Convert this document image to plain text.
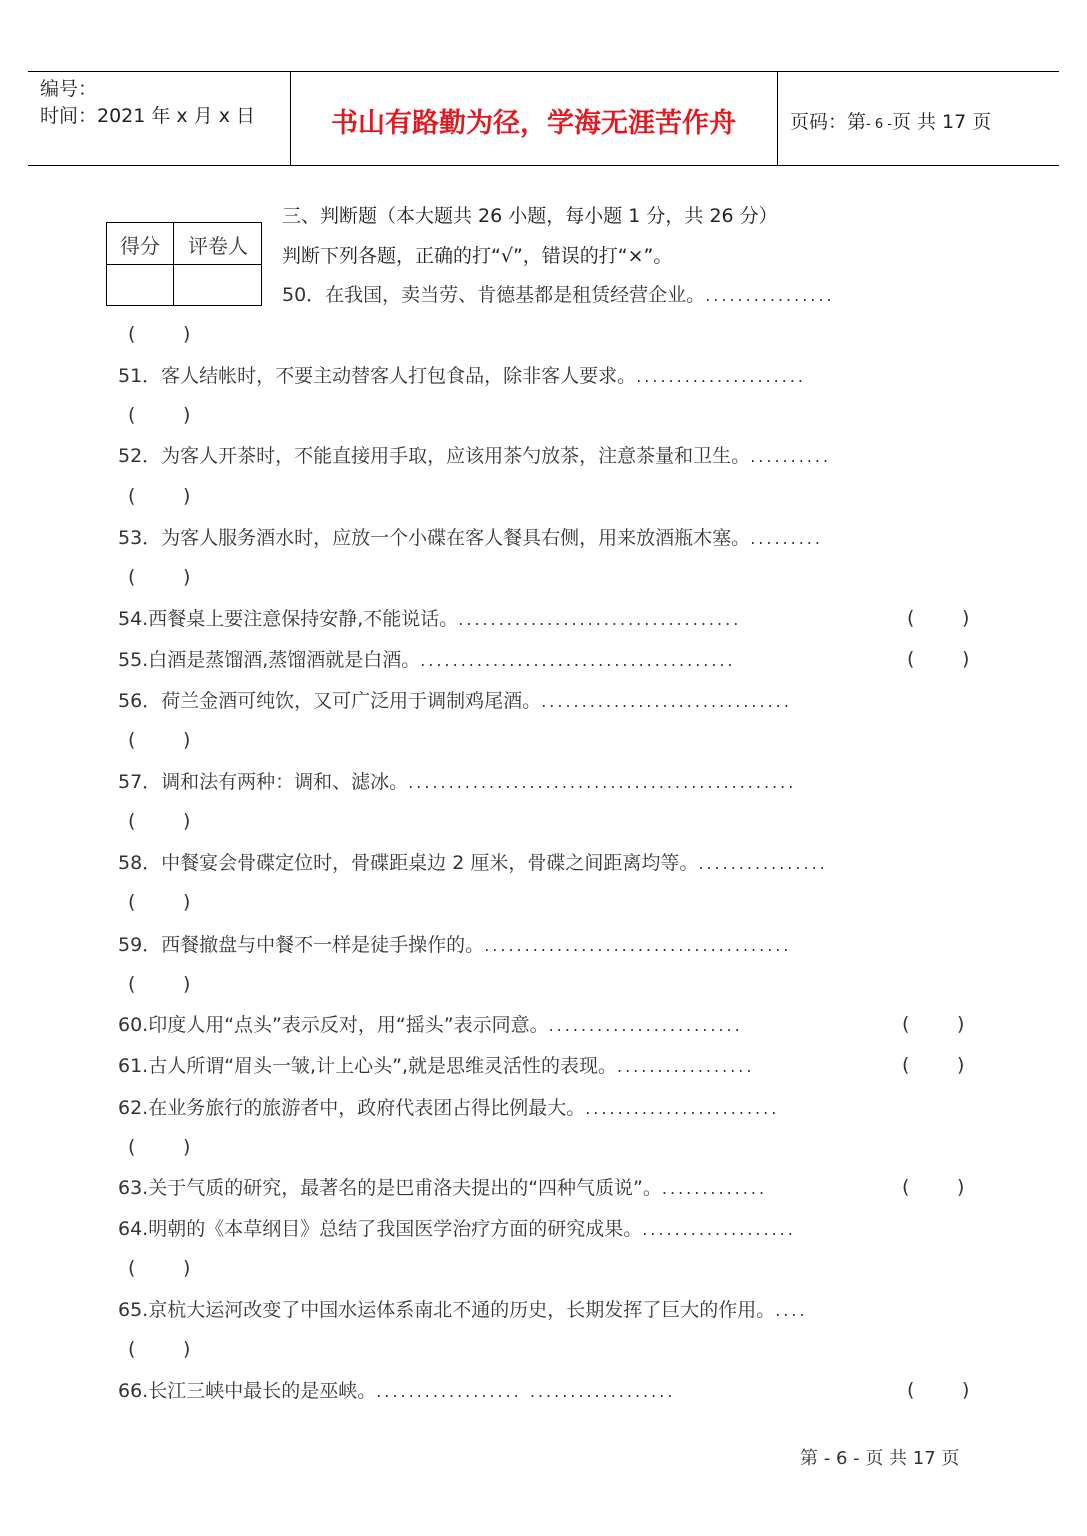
编号：
时间：2021 年 x 月 x 日	书山有路勤为径，学海无涯苦作舟	页码：第- 6 -页 共 17 页
得分	评卷人
三、判断题（本大题共 26 小题，每小题 1 分，共 26 分）
判断下列各题，正确的打“√”，错误的打“×”。
50．在我国，卖当劳、肯德基都是租赁经营企业。................
(	)
51．客人结帐时，不要主动替客人打包食品，除非客人要求。.....................
(	)
52．为客人开茶时，不能直接用手取，应该用茶勺放茶，注意茶量和卫生。..........
(	)
53．为客人服务酒水时，应放一个小碟在客人餐具右侧，用来放酒瓶木塞。.........
(	)
54.西餐桌上要注意保持安静,不能说话。...................................	(	)
55.白酒是蒸馏酒,蒸馏酒就是白酒。.......................................	(	)
56．荷兰金酒可纯饮，又可广泛用于调制鸡尾酒。...............................
(	)
57．调和法有两种：调和、滤冰。................................................
(	)
58．中餐宴会骨碟定位时，骨碟距桌边 2 厘米，骨碟之间距离均等。................
(	)
59．西餐撤盘与中餐不一样是徒手操作的。......................................
(	)
60.印度人用“点头”表示反对，用“摇头”表示同意。........................	(	)
61.古人所谓“眉头一皱,计上心头”,就是思维灵活性的表现。.................	(	)
62.在业务旅行的旅游者中，政府代表团占得比例最大。........................
(	)
63.关于气质的研究，最著名的是巴甫洛夫提出的“四种气质说”。.............	(	)
64.明朝的《本草纲目》总结了我国医学治疗方面的研究成果。...................
(	)
65.京杭大运河改变了中国水运体系南北不通的历史，长期发挥了巨大的作用。....
(	)
66.长江三峡中最长的是巫峡。.................. ..................	(	)
第 - 6 - 页 共 17 页
